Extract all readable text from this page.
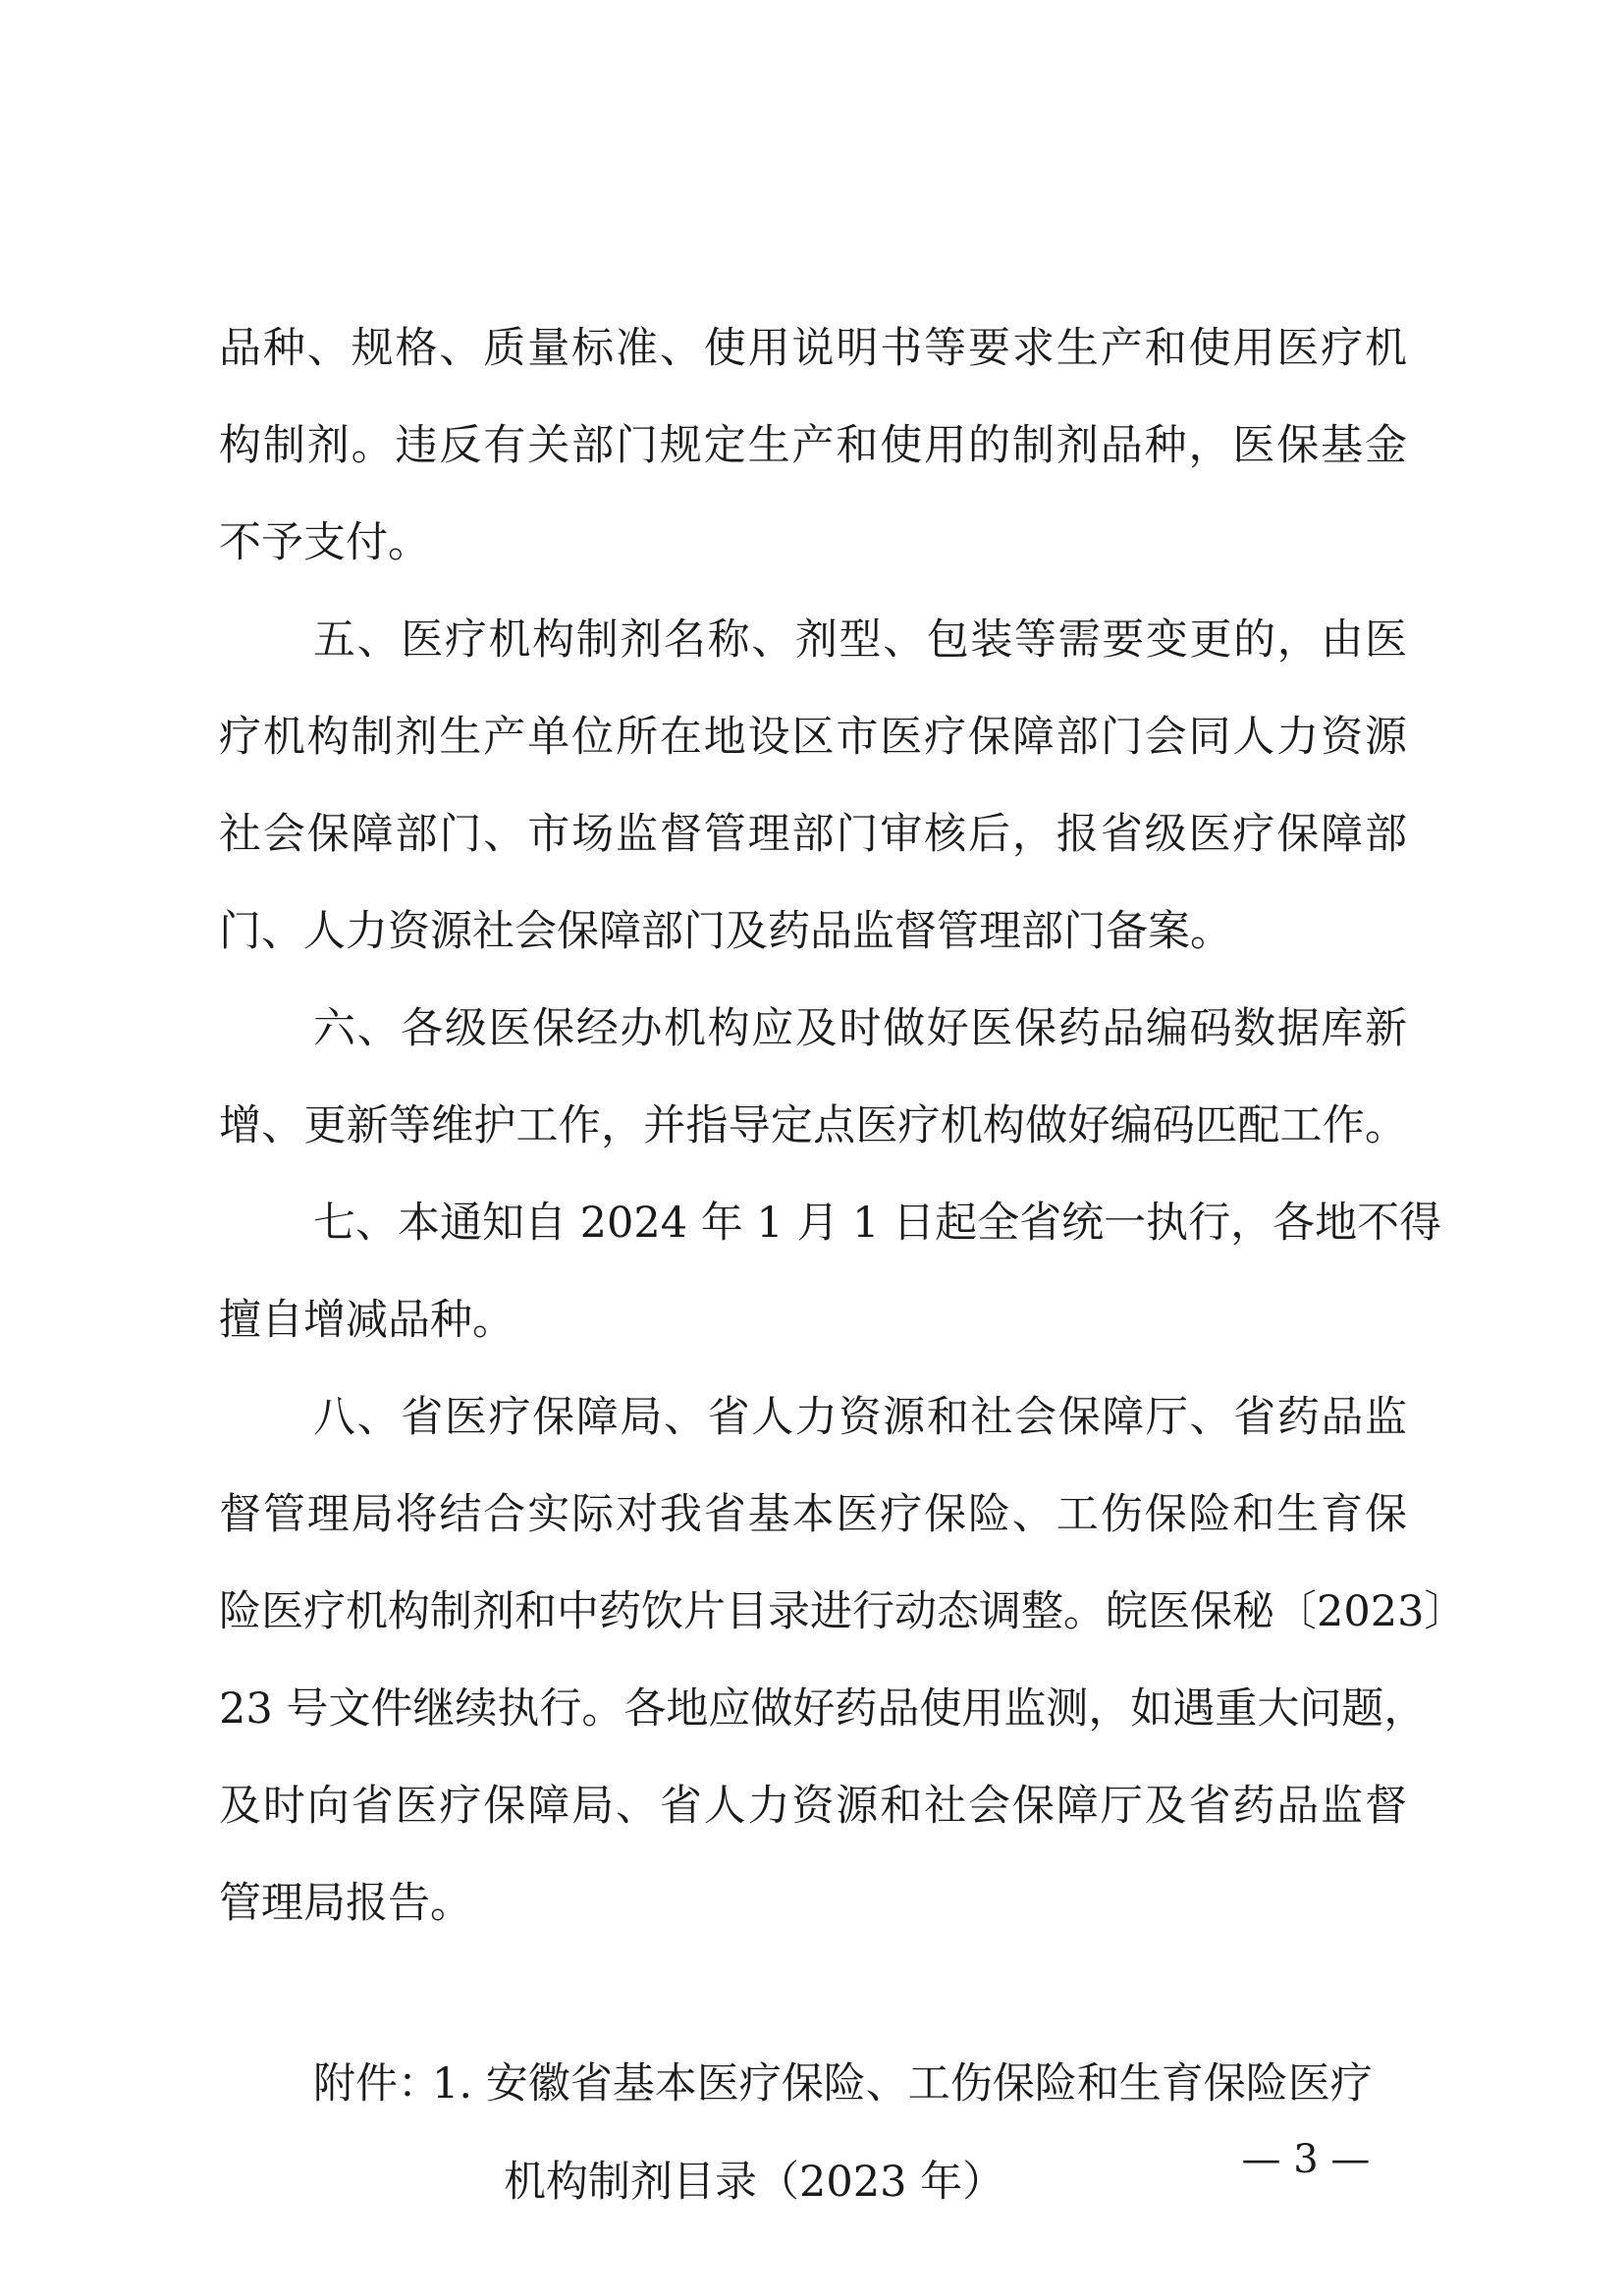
品种、规格、质量标准、使用说明书等要求生产和使用医疗机
构制剂。违反有关部门规定生产和使用的制剂品种，医保基金
不予支付。
五、医疗机构制剂名称、剂型、包装等需要变更的，由医
疗机构制剂生产单位所在地设区市医疗保障部门会同人力资源
社会保障部门、市场监督管理部门审核后，报省级医疗保障部
门、人力资源社会保障部门及药品监督管理部门备案。
六、各级医保经办机构应及时做好医保药品编码数据库新
增、更新等维护工作，并指导定点医疗机构做好编码匹配工作。
七、本通知自 2024 年 1 月 1 日起全省统一执行，各地不得
擅自增减品种。
八、省医疗保障局、省人力资源和社会保障厅、省药品监
督管理局将结合实际对我省基本医疗保险、工伤保险和生育保
险医疗机构制剂和中药饮片目录进行动态调整。皖医保秘〔2023〕
23 号文件继续执行。各地应做好药品使用监测，如遇重大问题，
及时向省医疗保障局、省人力资源和社会保障厅及省药品监督
管理局报告。
附件：
1. 安徽省基本医疗保险、工伤保险和生育保险医疗
机构制剂目录（2023 年）	— 3 —
